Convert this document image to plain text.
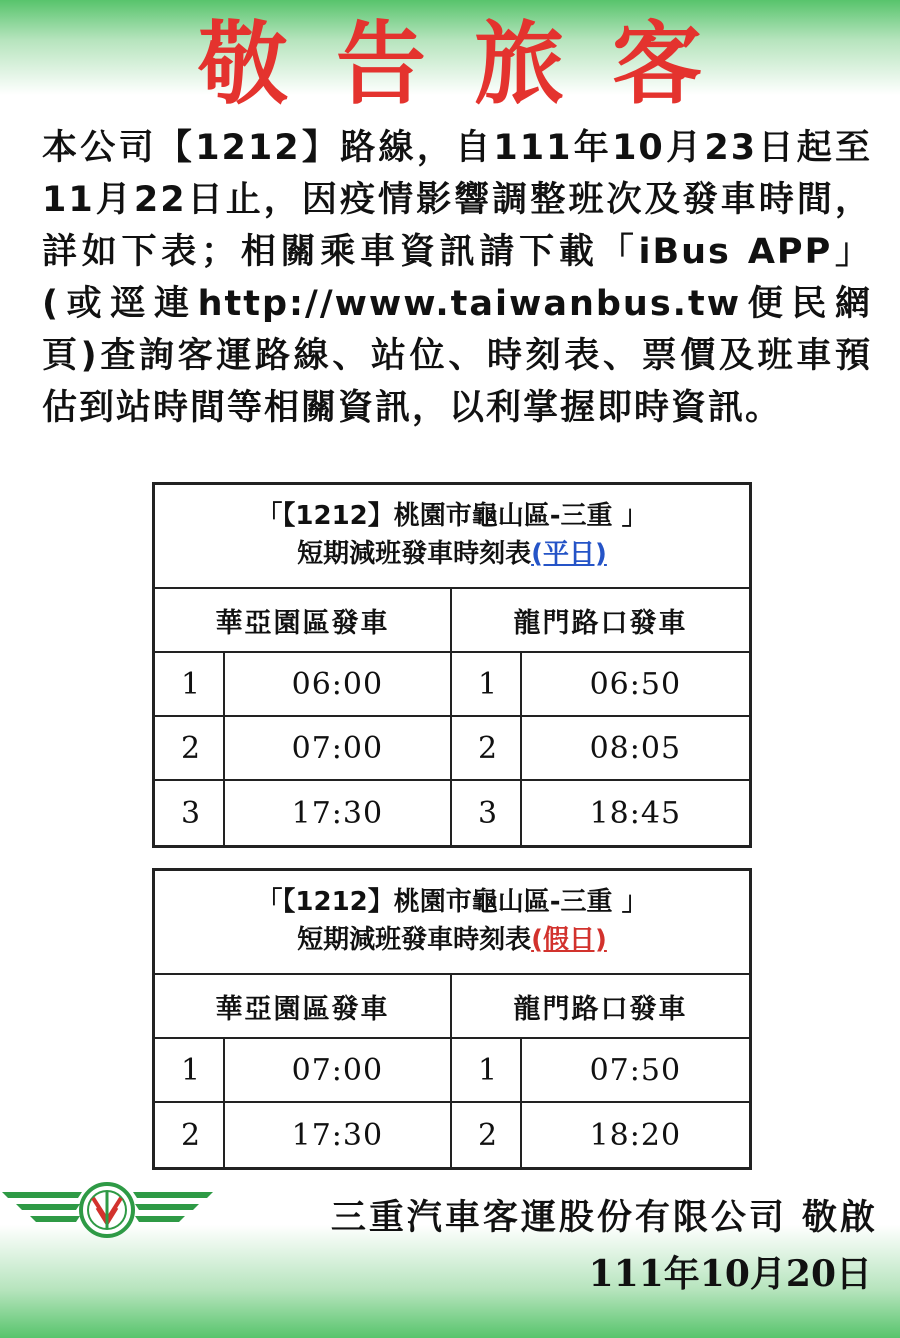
敬告旅客

本公司【1212】路線，自111年10月23日起至11月22日止，因疫情影響調整班次及發車時間，詳如下表；相關乘車資訊請下載「iBus APP」(或逕連http://www.taiwanbus.tw便民網頁)查詢客運路線、站位、時刻表、票價及班車預估到站時間等相關資訊，以利掌握即時資訊。

「【1212】桃園市龜山區-三重 」
短期減班發車時刻表(平日)
華亞園區發車	龍門路口發車
1	06:00	1	06:50
2	07:00	2	08:05
3	17:30	3	18:45
「【1212】桃園市龜山區-三重 」
短期減班發車時刻表(假日)
華亞園區發車	龍門路口發車
1	07:00	1	07:50
2	17:30	2	18:20
三重汽車客運股份有限公司 敬啟
111年10月20日
